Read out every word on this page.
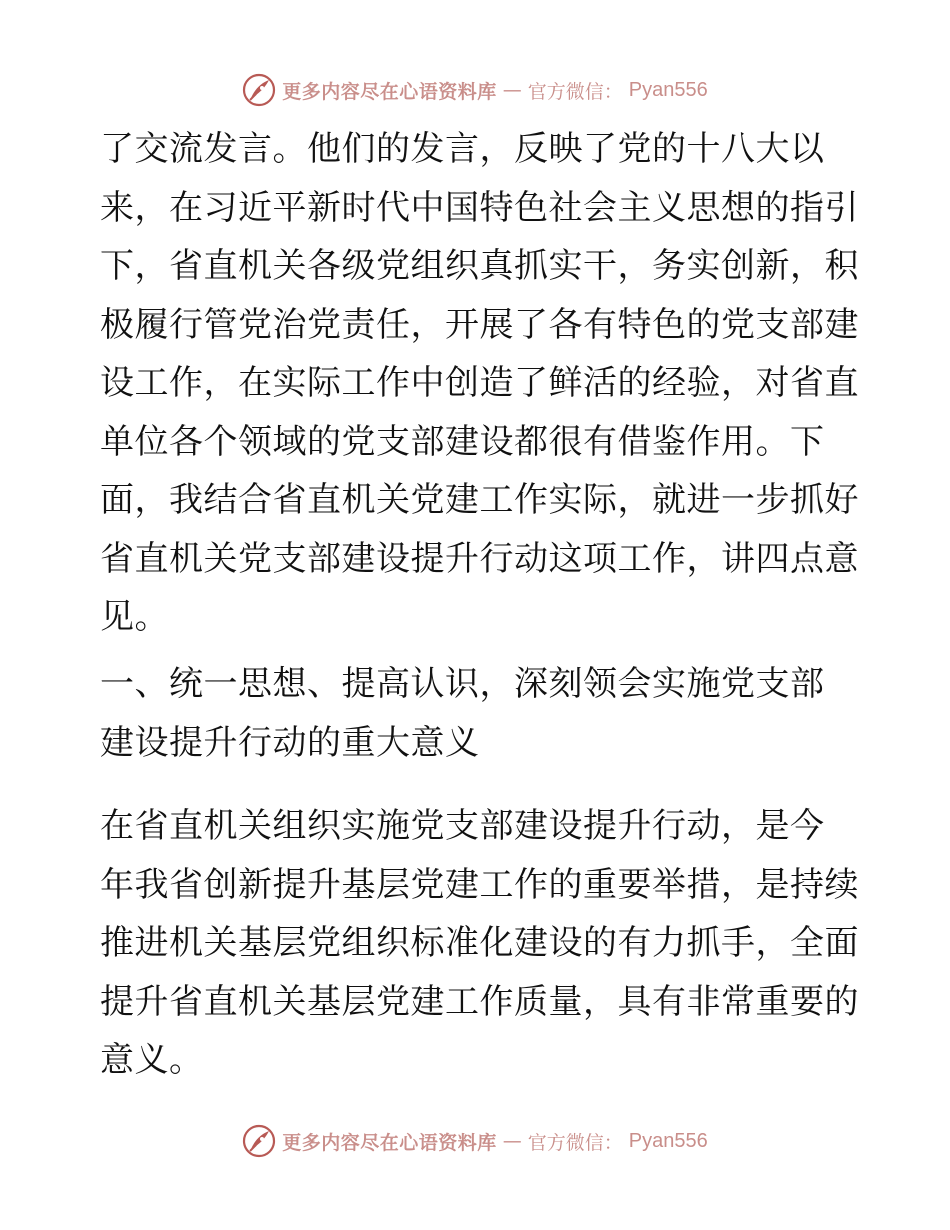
更多内容尽在心语资料库 — 官方微信： Pyan556
了交流发言。他们的发言，反映了党的十八大以
来，在习近平新时代中国特色社会主义思想的指引
下，省直机关各级党组织真抓实干，务实创新，积
极履行管党治党责任，开展了各有特色的党支部建
设工作，在实际工作中创造了鲜活的经验，对省直
单位各个领域的党支部建设都很有借鉴作用。下
面，我结合省直机关党建工作实际，就进一步抓好
省直机关党支部建设提升行动这项工作，讲四点意
见。
一、统一思想、提高认识，深刻领会实施党支部
建设提升行动的重大意义
在省直机关组织实施党支部建设提升行动，是今
年我省创新提升基层党建工作的重要举措，是持续
推进机关基层党组织标准化建设的有力抓手，全面
提升省直机关基层党建工作质量，具有非常重要的
意义。
更多内容尽在心语资料库 — 官方微信： Pyan556
